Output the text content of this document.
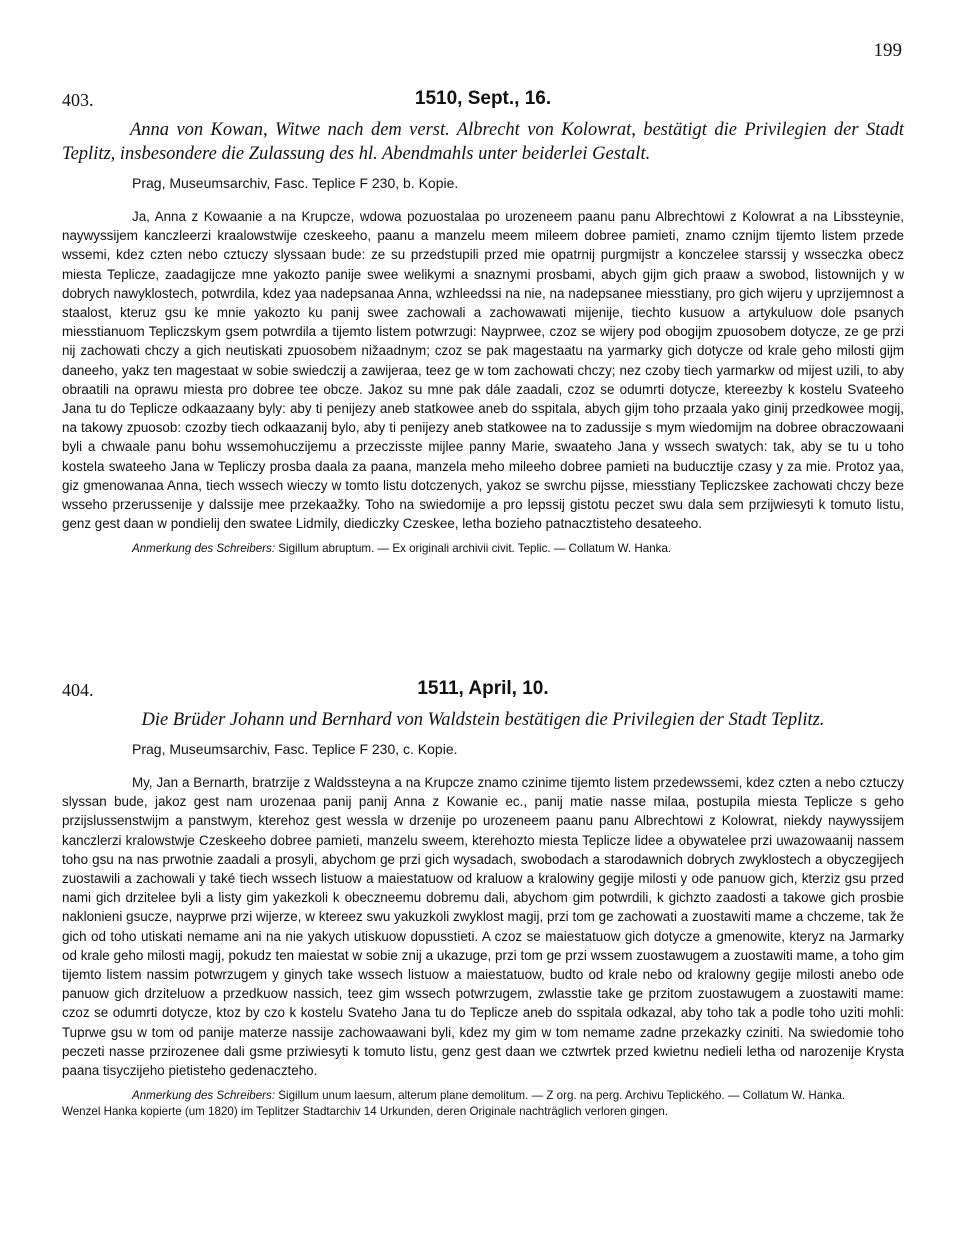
199
403.	1510, Sept., 16.

Anna von Kowan, Witwe nach dem verst. Albrecht von Kolowrat, bestätigt die Privilegien der Stadt Teplitz, insbesondere die Zulassung des hl. Abendmahls unter beiderlei Gestalt.

Prag, Museumsarchiv, Fasc. Teplice F 230, b. Kopie.

Ja, Anna z Kowaanie a na Krupcze, wdowa pozuostalaa po urozeneem paanu panu Albrechtowi z Kolowrat a na Libssteynie, naywyssijem kanczleerzi kraalowstwije czeskeeho, paanu a manzelu meem mileem dobree pamieti, znamo cznijm tijemto listem przede wssemi, kdez czten nebo cztuczy slyssaan bude: ze su przedstupili przed mie opatrnij purgmijstr a konczelee starssij y wsseczka obecz miesta Teplicze, zaadagijcze mne yakozto panije swee welikymi a snaznymi prosbami, abych gijm gich praaw a swobod, listownijch y w dobrych nawyklostech, potwrdila, kdez yaa nadepsanaa Anna, wzhleedssi na nie, na nadepsanee miesstiany, pro gich wijeru y uprzijemnost a staalost, kteruz gsu ke mnie yakozto ku panij swee zachowali a zachowawati mijenije, tiechto kusuow a artykuluow dole psanych miesstianuom Tepliczskym gsem potwrdila a tijemto listem potwrzugi: Nayprwee, czoz se wijery pod obogijm zpuosobem dotycze, ze ge przi nij zachowati chczy a gich neutiskati zpuosobem nižaadnym; czoz se pak magestaatu na yarmarky gich dotycze od krale geho milosti gijm daneeho, yakz ten magestaat w sobie swiedczij a zawijeraa, teez ge w tom zachowati chczy; nez czoby tiech yarmarkw od mijest uzili, to aby obraatili na oprawu miesta pro dobree tee obcze. Jakoz su mne pak dále zaadali, czoz se odumrti dotycze, ktereezby k kostelu Svateeho Jana tu do Teplicze odkaazaany byly: aby ti penijezy aneb statkowee aneb do sspitala, abych gijm toho przaala yako ginij przedkowee mogij, na takowy zpuosob: czozby tiech odkaazanij bylo, aby ti penijezy aneb statkowee na to zadussije s mym wiedomijm na dobree obraczowaani byli a chwaale panu bohu wssemohuczijemu a przeczisste mijlee panny Marie, swaateho Jana y wssech swatych: tak, aby se tu u toho kostela swateeho Jana w Tepliczy prosba daala za paana, manzela meho mileeho dobree pamieti na buducztije czasy y za mie. Protoz yaa, giz gmenowanaa Anna, tiech wssech wieczy w tomto listu dotczenych, yakoz se swrchu pijsse, miesstiany Tepliczskee zachowati chczy beze wsseho przerussenije y dalssije mee przekaažky. Toho na swiedomije a pro lepssij gistotu peczet swu dala sem przijwiesyti k tomuto listu, genz gest daan w pondielij den swatee Lidmily, diediczky Czeskee, letha bozieho patnacztisteho desateeho.

Anmerkung des Schreibers: Sigillum abruptum. — Ex originali archivii civit. Teplic. — Collatum W. Hanka.
404.	1511, April, 10.

Die Brüder Johann und Bernhard von Waldstein bestätigen die Privilegien der Stadt Teplitz.

Prag, Museumsarchiv, Fasc. Teplice F 230, c. Kopie.

My, Jan a Bernarth, bratrzije z Waldssteyna a na Krupcze znamo czinime tijemto listem przedewssemi, kdez czten a nebo cztuczy slyssan bude, jakoz gest nam urozenaa panij panij Anna z Kowanie ec., panij matie nasse milaa, postupila miesta Teplicze s geho przijslussenstwijm a panstwym, kterehoz gest wessla w drzenije po urozeneem paanu panu Albrechtowi z Kolowrat, niekdy naywyssijem kanczlerzi kralowstwje Czeskeeho dobree pamieti, manzelu sweem, kterehozto miesta Teplicze lidee a obywatelee przi uwazowaanij nassem toho gsu na nas prwotnie zaadali a prosyli, abychom ge przi gich wysadach, swobodach a starodawnich dobrych zwyklostech a obyczegijech zuostawili a zachowali y také tiech wssech listuow a maiestatuow od kraluow a kralowiny gegije milosti y ode panuow gich, kterziz gsu przed nami gich drzitelee byli a listy gim yakezkoli k obeczneemu dobremu dali, abychom gim potwrdili, k gichzto zaadosti a takowe gich prosbie naklonieni gsucze, nayprwe przi wijerze, w ktereez swu yakuzkoli zwyklost magij, przi tom ge zachowati a zuostawiti mame a chczeme, tak že gich od toho utiskati nemame ani na nie yakych utiskuow dopusstieti. A czoz se maiestatuow gich dotycze a gmenowite, kteryz na Jarmarky od krale geho milosti magij, pokudz ten maiestat w sobie znij a ukazuge, przi tom ge przi wssem zuostawugem a zuostawiti mame, a toho gim tijemto listem nassim potwrzugem y ginych take wssech listuow a maiestatuow, budto od krale nebo od kralowny gegije milosti anebo ode panuow gich drziteluow a przedkuow nassich, teez gim wssech potwrzugem, zwlasstie take ge przitom zuostawugem a zuostawiti mame: czoz se odumrti dotycze, ktoz by czo k kostelu Svateho Jana tu do Teplicze aneb do sspitala odkazal, aby toho tak a podle toho uziti mohli: Tuprwe gsu w tom od panije materze nassije zachowaawani byli, kdez my gim w tom nemame zadne przekazky cziniti. Na swiedomie toho peczeti nasse przirozenee dali gsme prziwiesyti k tomuto listu, genz gest daan we cztwrtek przed kwietnu nedieli letha od narozenije Krysta paana tisyczijeho pietisteho gedenaczteho.

Anmerkung des Schreibers: Sigillum unum laesum, alterum plane demolitum. — Z org. na perg. Archivu Teplického. — Collatum W. Hanka.
Wenzel Hanka kopierte (um 1820) im Teplitzer Stadtarchiv 14 Urkunden, deren Originale nachträglich verloren gingen.
